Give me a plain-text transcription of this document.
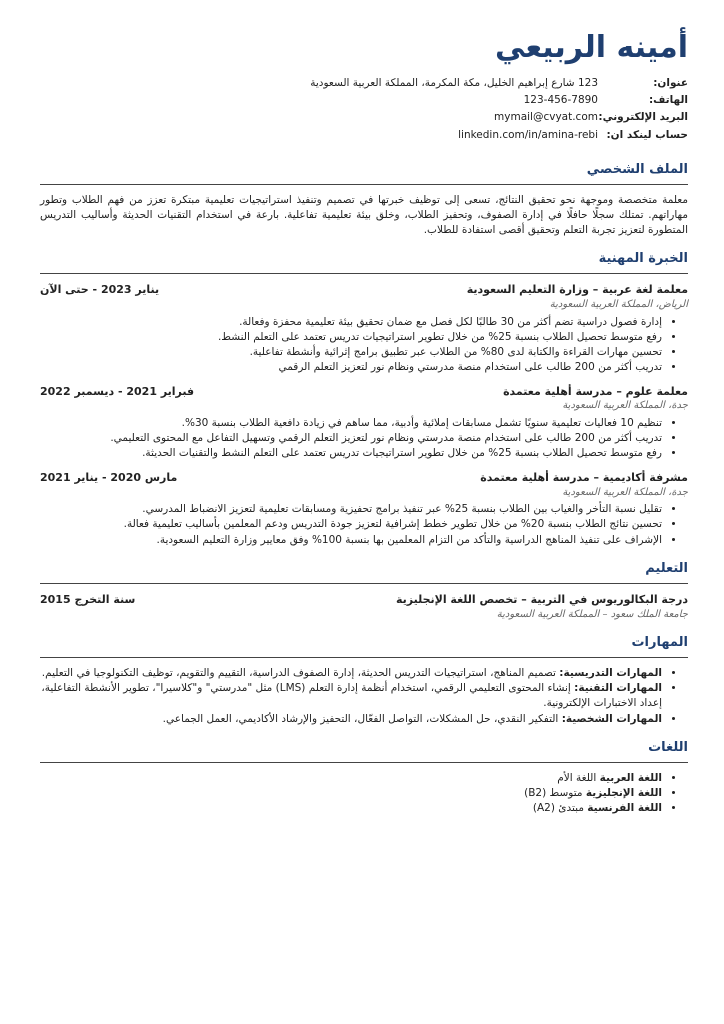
أمينه الربيعي
عنوان:
123 شارع إبراهيم الخليل، مكة المكرمة، المملكة العربية السعودية
الهاتف:
123-456-7890
البريد الإلكتروني:
mymail@cvyat.com
حساب لينكد ان:
linkedin.com/in/amina-rebi
الملف الشخصي
معلمة متخصصة وموجهة نحو تحقيق النتائج، تسعى إلى توظيف خبرتها في تصميم وتنفيذ استراتيجيات تعليمية مبتكرة تعزز من فهم الطلاب وتطور مهاراتهم. تمتلك سجلًا حافلًا في إدارة الصفوف، وتحفيز الطلاب، وخلق بيئة تعليمية تفاعلية. بارعة في استخدام التقنيات الحديثة وأساليب التدريس المتطورة لتعزيز تجربة التعلم وتحقيق أقصى استفادة للطلاب.
الخبرة المهنية
معلمة لغة عربية – وزارة التعليم السعودية
يناير 2023 - حتى الآن
الرياض، المملكة العربية السعودية
• إدارة فصول دراسية تضم أكثر من 30 طالبًا لكل فصل مع ضمان تحقيق بيئة تعليمية محفزة وفعالة.
• رفع متوسط تحصيل الطلاب بنسبة 25% من خلال تطوير استراتيجيات تدريس تعتمد على التعلم النشط.
• تحسين مهارات القراءة والكتابة لدى 80% من الطلاب عبر تطبيق برامج إثرائية وأنشطة تفاعلية.
• تدريب أكثر من 200 طالب على استخدام منصة مدرستي ونظام نور لتعزيز التعلم الرقمي
معلمة علوم – مدرسة أهلية معتمدة
فبراير 2021 - ديسمبر 2022
جدة، المملكة العربية السعودية
• تنظيم 10 فعاليات تعليمية سنويًا تشمل مسابقات إملائية وأدبية، مما ساهم في زيادة دافعية الطلاب بنسبة 30%.
• تدريب أكثر من 200 طالب على استخدام منصة مدرستي ونظام نور لتعزيز التعلم الرقمي وتسهيل التفاعل مع المحتوى التعليمي.
• رفع متوسط تحصيل الطلاب بنسبة 25% من خلال تطوير استراتيجيات تدريس تعتمد على التعلم النشط والتقنيات الحديثة.
مشرفة أكاديمية – مدرسة أهلية معتمدة
مارس 2020 - يناير 2021
جدة، المملكة العربية السعودية
• تقليل نسبة التأخر والغياب بين الطلاب بنسبة 25% عبر تنفيذ برامج تحفيزية ومسابقات تعليمية لتعزيز الانضباط المدرسي.
• تحسين نتائج الطلاب بنسبة 20% من خلال تطوير خطط إشرافية لتعزيز جودة التدريس ودعم المعلمين بأساليب تعليمية فعالة.
• الإشراف على تنفيذ المناهج الدراسية والتأكد من التزام المعلمين بها بنسبة 100% وفق معايير وزارة التعليم السعودية.
التعليم
درجة البكالوريوس في التربية – تخصص اللغة الإنجليزية
سنة التخرج 2015
جامعة الملك سعود – المملكة العربية السعودية
المهارات
• المهارات التدريسية: تصميم المناهج، استراتيجيات التدريس الحديثة، إدارة الصفوف الدراسية، التقييم والتقويم، توظيف التكنولوجيا في التعليم.
• المهارات التقنية: إنشاء المحتوى التعليمي الرقمي، استخدام أنظمة إدارة التعلم (LMS) مثل "مدرستي" و"كلاسيرا"، تطوير الأنشطة التفاعلية، إعداد الاختبارات الإلكترونية.
• المهارات الشخصية: التفكير النقدي، حل المشكلات، التواصل الفعّال، التحفيز والإرشاد الأكاديمي، العمل الجماعي.
اللغات
• اللغة العربية اللغة الأم
• اللغة الإنجليزية متوسط (B2)
• اللغة الفرنسية مبتدئ (A2)
